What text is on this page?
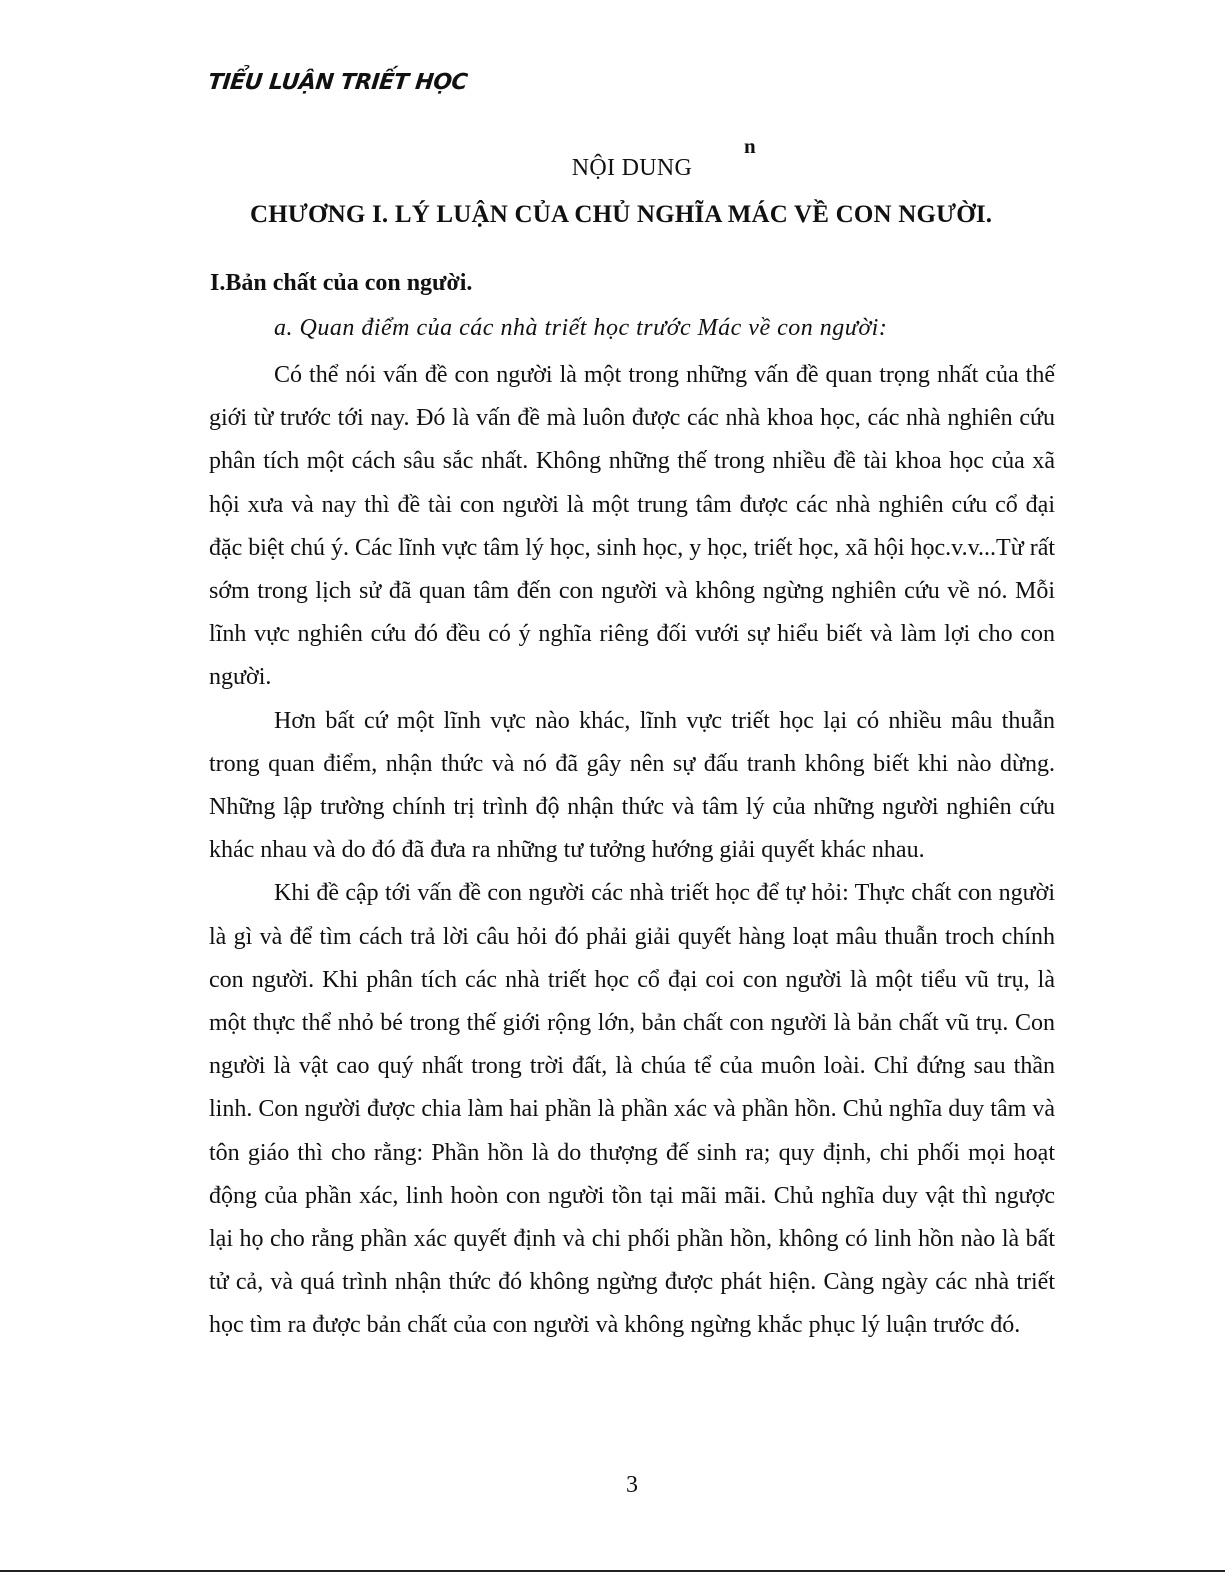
TIỂU LUẬN TRIẾT HỌC
n
NỘI DUNG
CHƯƠNG I. LÝ LUẬN CỦA CHỦ NGHĨA MÁC VỀ CON NGƯỜI.
I.Bản chất của con người.
a. Quan điểm của các nhà triết học trước Mác về con người:

Có thể nói vấn đề con người là một trong những vấn đề quan trọng nhất của thế giới từ trước tới nay. Đó là vấn đề mà luôn được các nhà khoa học, các nhà nghiên cứu phân tích một cách sâu sắc nhất. Không những thế trong nhiều đề tài khoa học của xã hội xưa và nay thì đề tài con người là một trung tâm được các nhà nghiên cứu cổ đại đặc biệt chú ý. Các lĩnh vực tâm lý học, sinh học, y học, triết học, xã hội học.v.v...Từ rất sớm trong lịch sử đã quan tâm đến con người và không ngừng nghiên cứu về nó. Mỗi lĩnh vực nghiên cứu đó đều có ý nghĩa riêng đối vưới sự hiểu biết và làm lợi cho con người.

Hơn bất cứ một lĩnh vực nào khác, lĩnh vực triết học lại có nhiều mâu thuẫn trong quan điểm, nhận thức và nó đã gây nên sự đấu tranh không biết khi nào dừng. Những lập trường chính trị trình độ nhận thức và tâm lý của những người nghiên cứu khác nhau và do đó đã đưa ra những tư tưởng hướng giải quyết khác nhau.

Khi đề cập tới vấn đề con người các nhà triết học để tự hỏi: Thực chất con người là gì và để tìm cách trả lời câu hỏi đó phải giải quyết hàng loạt mâu thuẫn troch chính con người. Khi phân tích các nhà triết học cổ đại coi con người là một tiểu vũ trụ, là một thực thể nhỏ bé trong thế giới rộng lớn, bản chất con người là bản chất vũ trụ. Con người là vật cao quý nhất trong trời đất, là chúa tể của muôn loài. Chỉ đứng sau thần linh. Con người được chia làm hai phần là phần xác và phần hồn. Chủ nghĩa duy tâm và tôn giáo thì cho rằng: Phần hồn là do thượng đế sinh ra; quy định, chi phối mọi hoạt động của phần xác, linh hoòn con người tồn tại mãi mãi. Chủ nghĩa duy vật thì ngược lại họ cho rằng phần xác quyết định và chi phối phần hồn, không có linh hồn nào là bất tử cả, và quá trình nhận thức đó không ngừng được phát hiện. Càng ngày các nhà triết học tìm ra được bản chất của con người và không ngừng khắc phục lý luận trước đó.

3
